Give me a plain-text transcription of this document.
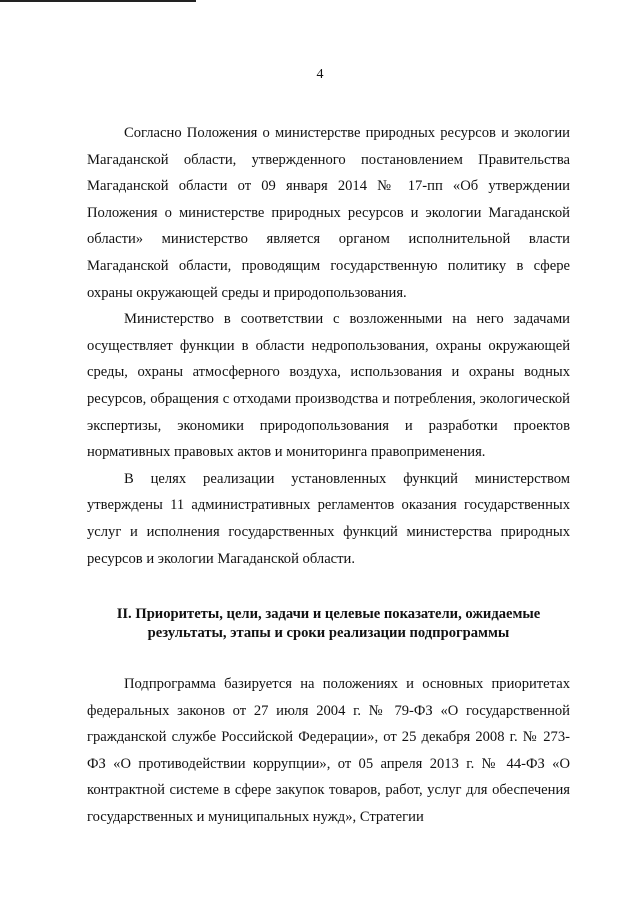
4

Согласно Положения о министерстве природных ресурсов и экологии Магаданской области, утвержденного постановлением Правительства Магаданской области от 09 января 2014 № 17-пп «Об утверждении Положения о министерстве природных ресурсов и экологии Магаданской области» министерство является органом исполнительной власти Магаданской области, проводящим государственную политику в сфере охраны окружающей среды и природопользования.

Министерство в соответствии с возложенными на него задачами осуществляет функции в области недропользования, охраны окружающей среды, охраны атмосферного воздуха, использования и охраны водных ресурсов, обращения с отходами производства и потребления, экологической экспертизы, экономики природопользования и разработки проектов нормативных правовых актов и мониторинга правоприменения.

В целях реализации установленных функций министерством утверждены 11 административных регламентов оказания государственных услуг и исполнения государственных функций министерства природных ресурсов и экологии Магаданской области.

II. Приоритеты, цели, задачи и целевые показатели, ожидаемые
результаты, этапы и сроки реализации подпрограммы

Подпрограмма базируется на положениях и основных приоритетах федеральных законов от 27 июля 2004 г. № 79-ФЗ «О государственной гражданской службе Российской Федерации», от 25 декабря 2008 г. № 273-ФЗ «О противодействии коррупции», от 05 апреля 2013 г. № 44-ФЗ «О контрактной системе в сфере закупок товаров, работ, услуг для обеспечения государственных и муниципальных нужд», Стратегии
